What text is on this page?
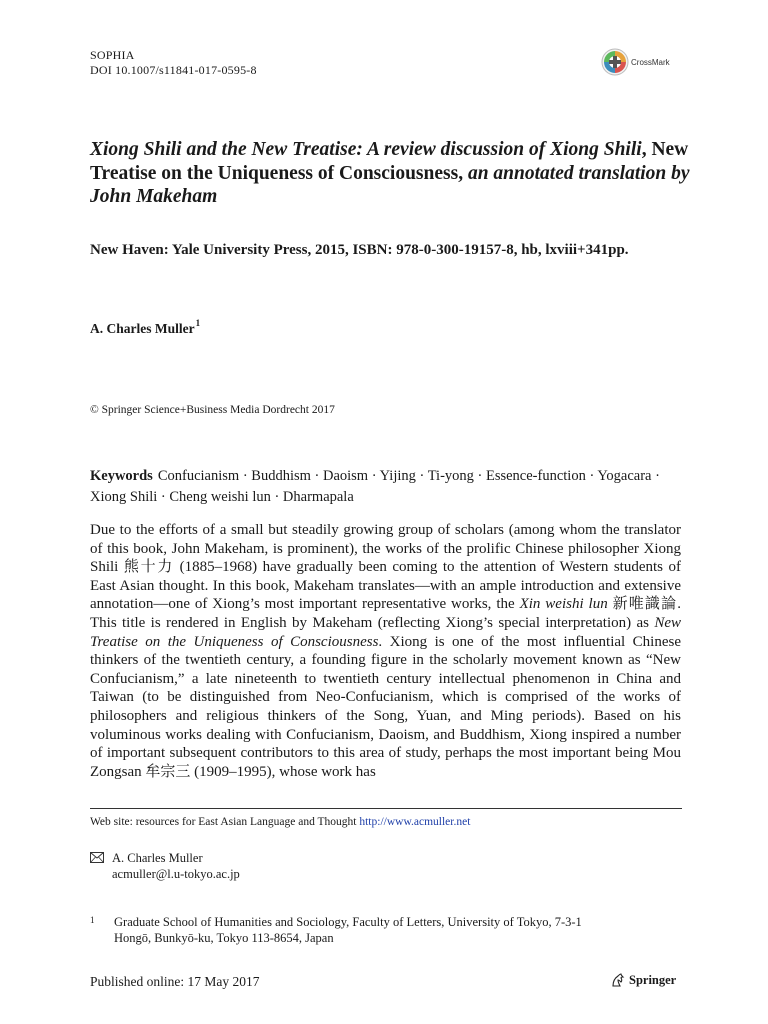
SOPHIA
DOI 10.1007/s11841-017-0595-8
CrossMark
Xiong Shili and the New Treatise: A review discussion of Xiong Shili, New Treatise on the Uniqueness of Consciousness, an annotated translation by John Makeham
New Haven: Yale University Press, 2015, ISBN: 978-0-300-19157-8, hb, lxviii+341pp.
A. Charles Muller$^1$
© Springer Science+Business Media Dordrecht 2017
Keywords Confucianism · Buddhism · Daoism · Yijing · Ti-yong · Essence-function · Yogacara · Xiong Shili · Cheng weishi lun · Dharmapala
Due to the efforts of a small but steadily growing group of scholars (among whom the translator of this book, John Makeham, is prominent), the works of the prolific Chinese philosopher Xiong Shili 熊十力 (1885–1968) have gradually been coming to the attention of Western students of East Asian thought. In this book, Makeham translates—with an ample introduction and extensive annotation—one of Xiong’s most important representative works, the Xin weishi lun 新唯識論. This title is rendered in English by Makeham (reflecting Xiong’s special interpretation) as New Treatise on the Uniqueness of Consciousness. Xiong is one of the most influential Chinese thinkers of the twentieth century, a founding figure in the scholarly movement known as “New Confucianism,” a late nineteenth to twentieth century intellectual phenomenon in China and Taiwan (to be distinguished from Neo-Confucianism, which is comprised of the works of philosophers and religious thinkers of the Song, Yuan, and Ming periods). Based on his voluminous works dealing with Confucianism, Daoism, and Buddhism, Xiong inspired a number of important subsequent contributors to this area of study, perhaps the most important being Mou Zongsan 牟宗三 (1909–1995), whose work has
Web site: resources for East Asian Language and Thought http://www.acmuller.net
A. Charles Muller
acmuller@l.u-tokyo.ac.jp
1	Graduate School of Humanities and Sociology, Faculty of Letters, University of Tokyo, 7-3-1
Hongō, Bunkyō-ku, Tokyo 113-8654, Japan
Published online: 17 May 2017	Springer
